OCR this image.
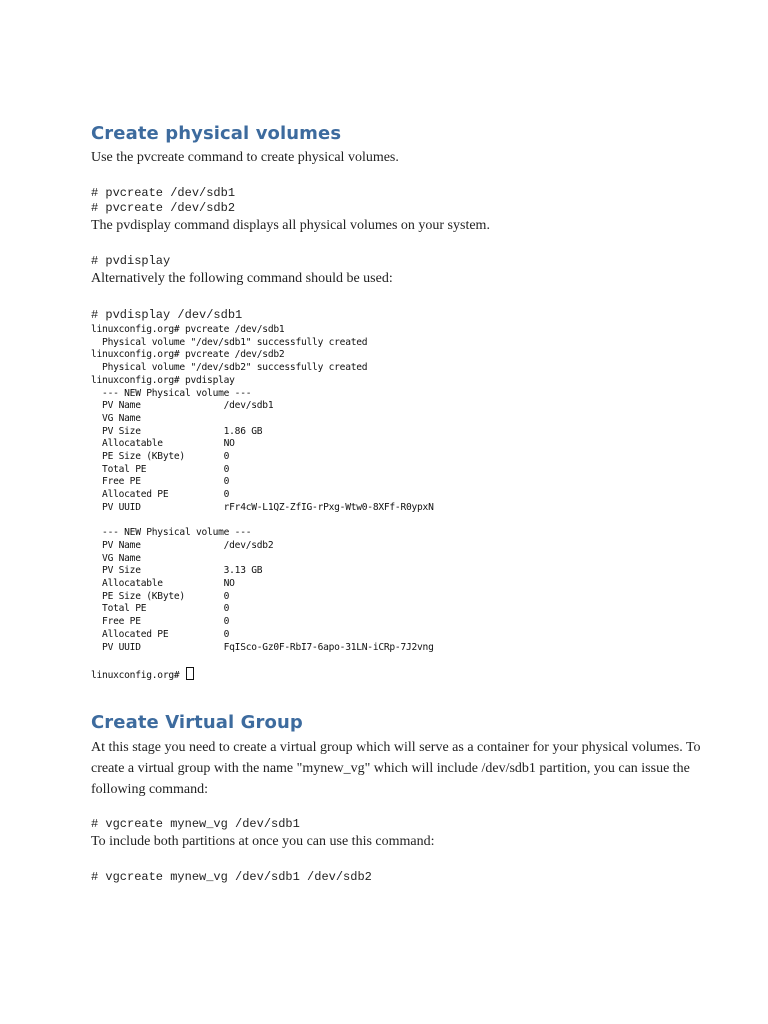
Create physical volumes

Use the pvcreate command to create physical volumes.

# pvcreate /dev/sdb1
# pvcreate /dev/sdb2

The pvdisplay command displays all physical volumes on your system.

# pvdisplay

Alternatively the following command should be used:

# pvdisplay /dev/sdb1
linuxconfig.org# pvcreate /dev/sdb1
Physical volume "/dev/sdb1" successfully created
linuxconfig.org# pvcreate /dev/sdb2
Physical volume "/dev/sdb2" successfully created
linuxconfig.org# pvdisplay
--- NEW Physical volume ---
PV Name               /dev/sdb1
VG Name
PV Size               1.86 GB
Allocatable           NO
PE Size (KByte)       0
Total PE              0
Free PE               0
Allocated PE          0
PV UUID               rFr4cW-L1QZ-ZfIG-rPxg-Wtw0-8XFf-R0ypxN

--- NEW Physical volume ---
PV Name               /dev/sdb2
VG Name
PV Size               3.13 GB
Allocatable           NO
PE Size (KByte)       0
Total PE              0
Free PE               0
Allocated PE          0
PV UUID               FqISco-Gz0F-RbI7-6apo-31LN-iCRp-7J2vng

linuxconfig.org#
Create Virtual Group

At this stage you need to create a virtual group which will serve as a container for your physical volumes. To create a virtual group with the name "mynew_vg" which will include /dev/sdb1 partition, you can issue the following command:

# vgcreate mynew_vg /dev/sdb1

To include both partitions at once you can use this command:

# vgcreate mynew_vg /dev/sdb1 /dev/sdb2
